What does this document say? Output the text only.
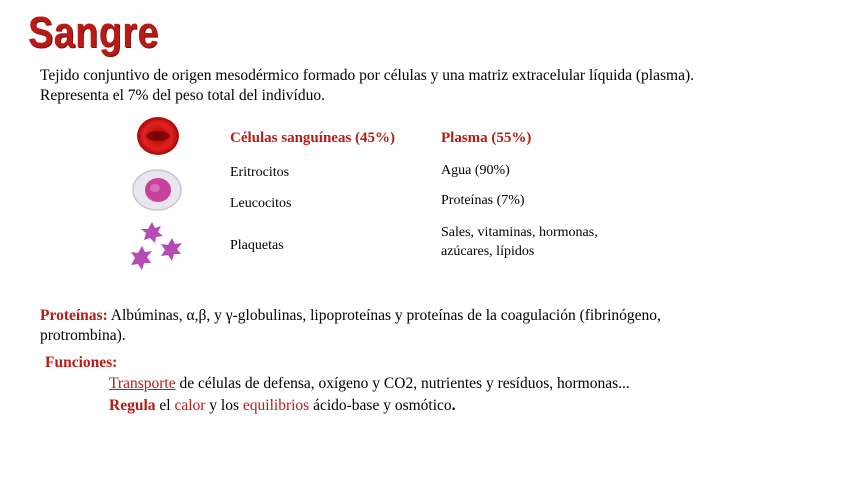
Sangre
Tejido conjuntivo de origen mesodérmico formado por células y una matriz extracelular líquida (plasma). Representa el 7% del peso total del indivíduo.
Células sanguíneas (45%)	Plasma (55%)
Eritrocitos
Leucocitos
Plaquetas
Agua (90%)
Proteínas (7%)
Sales, vitaminas, hormonas,
azúcares, lípidos
Proteínas: Albúminas, α,β, y γ-globulinas, lipoproteínas y proteínas de la coagulación (fibrinógeno, protrombina).
Funciones:
Transporte de células de defensa, oxígeno y CO2, nutrientes y resíduos, hormonas...
Regula el calor y los equilibrios ácido-base y osmótico.
